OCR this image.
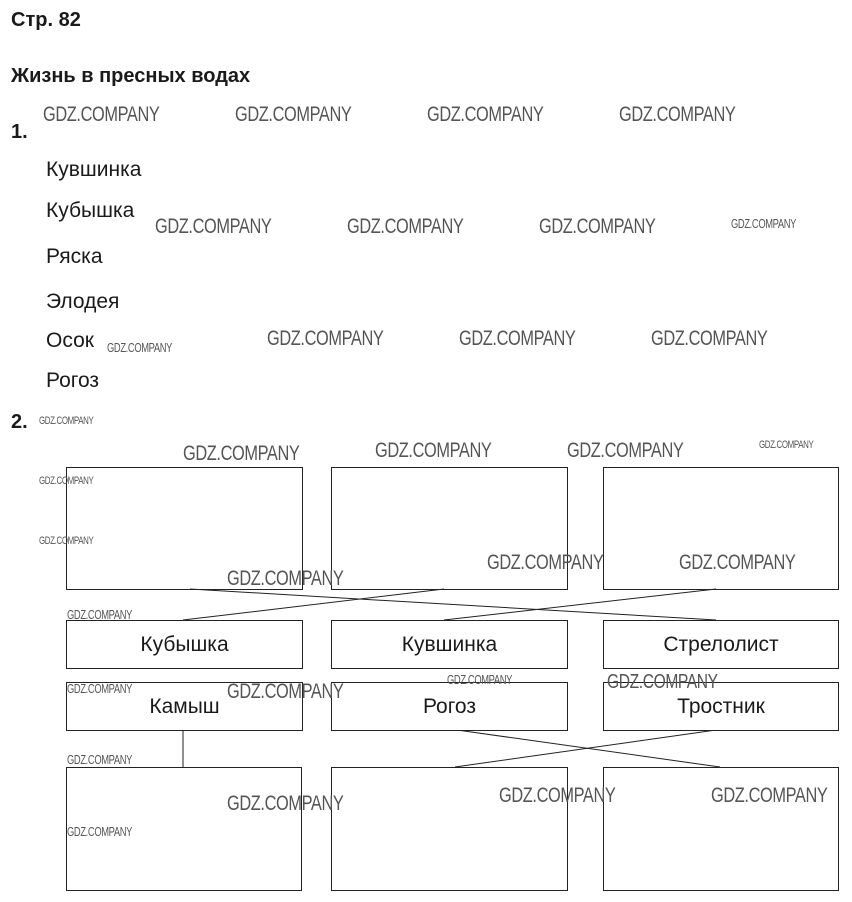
Стр. 82
Жизнь в пресных водах
1.
Кувшинка
Кубышка
Ряска
Элодея
Осок
Рогоз
2.
Кубышка	Кувшинка	Стрелолист
Камыш	Рогоз	Тростник
GDZ.COMPANY	GDZ.COMPANY	GDZ.COMPANY	GDZ.COMPANY
GDZ.COMPANY	GDZ.COMPANY	GDZ.COMPANY	GDZ.COMPANY
GDZ.COMPANY	GDZ.COMPANY	GDZ.COMPANY	GDZ.COMPANY
GDZ.COMPANY
GDZ.COMPANY	GDZ.COMPANY	GDZ.COMPANY	GDZ.COMPANY
GDZ.COMPANY
GDZ.COMPANY
GDZ.COMPANY	GDZ.COMPANY
GDZ.COMPANY
GDZ.COMPANY
GDZ.COMPANY	GDZ.COMPANY
GDZ.COMPANY	GDZ.COMPANY
GDZ.COMPANY
GDZ.COMPANY	GDZ.COMPANY
GDZ.COMPANY
GDZ.COMPANY
